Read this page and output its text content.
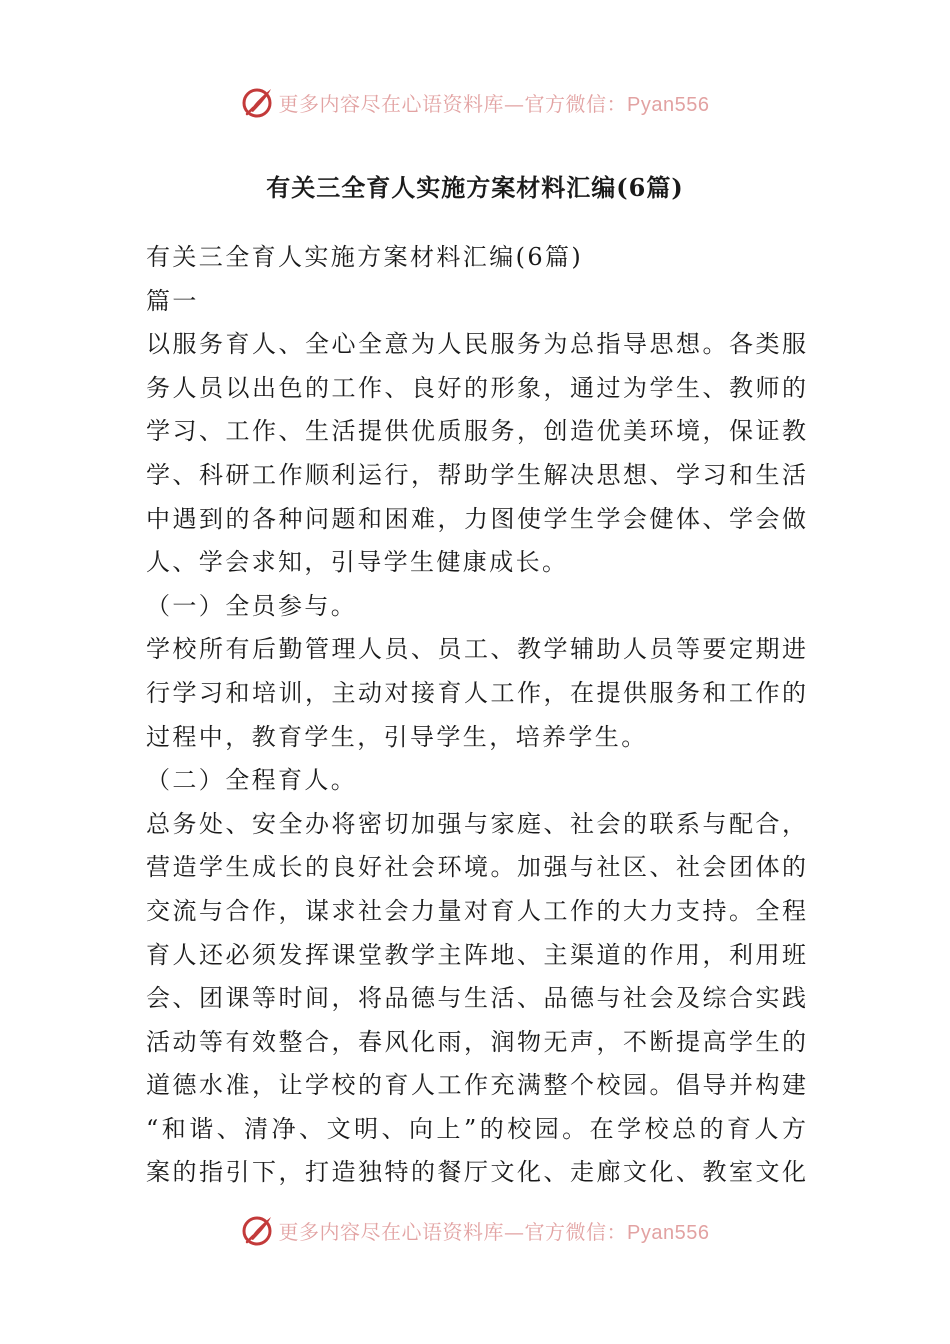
更多内容尽在心语资料库—官方微信：Pyan556
有关三全育人实施方案材料汇编(6篇)
有关三全育人实施方案材料汇编(6篇)
篇一
以服务育人、全心全意为人民服务为总指导思想。各类服
务人员以出色的工作、良好的形象，通过为学生、教师的
学习、工作、生活提供优质服务，创造优美环境，保证教
学、科研工作顺利运行，帮助学生解决思想、学习和生活
中遇到的各种问题和困难，力图使学生学会健体、学会做
人、学会求知，引导学生健康成长。
（一）全员参与。
学校所有后勤管理人员、员工、教学辅助人员等要定期进
行学习和培训，主动对接育人工作，在提供服务和工作的
过程中，教育学生，引导学生，培养学生。
（二）全程育人。
总务处、安全办将密切加强与家庭、社会的联系与配合，
营造学生成长的良好社会环境。加强与社区、社会团体的
交流与合作，谋求社会力量对育人工作的大力支持。全程
育人还必须发挥课堂教学主阵地、主渠道的作用，利用班
会、团课等时间，将品德与生活、品德与社会及综合实践
活动等有效整合，春风化雨，润物无声，不断提高学生的
道德水准，让学校的育人工作充满整个校园。倡导并构建
“和谐、清净、文明、向上”的校园。在学校总的育人方
案的指引下，打造独特的餐厅文化、走廊文化、教室文化
更多内容尽在心语资料库—官方微信：Pyan556
